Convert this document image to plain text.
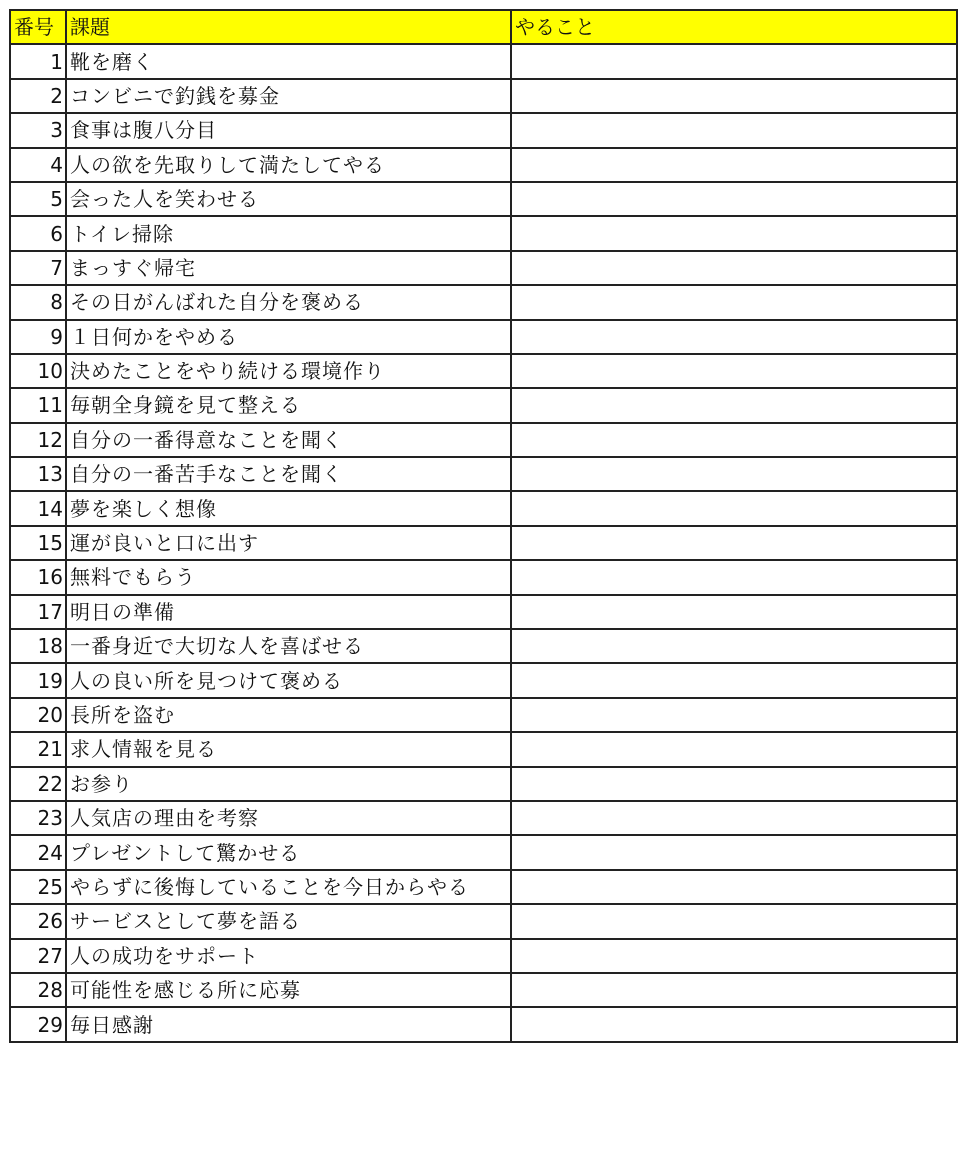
番号	課題	やること
1	靴を磨く	
2	コンビニで釣銭を募金	
3	食事は腹八分目	
4	人の欲を先取りして満たしてやる	
5	会った人を笑わせる	
6	トイレ掃除	
7	まっすぐ帰宅	
8	その日がんばれた自分を褒める	
9	１日何かをやめる	
10	決めたことをやり続ける環境作り	
11	毎朝全身鏡を見て整える	
12	自分の一番得意なことを聞く	
13	自分の一番苦手なことを聞く	
14	夢を楽しく想像	
15	運が良いと口に出す	
16	無料でもらう	
17	明日の準備	
18	一番身近で大切な人を喜ばせる	
19	人の良い所を見つけて褒める	
20	長所を盗む	
21	求人情報を見る	
22	お参り	
23	人気店の理由を考察	
24	プレゼントして驚かせる	
25	やらずに後悔していることを今日からやる	
26	サービスとして夢を語る	
27	人の成功をサポート	
28	可能性を感じる所に応募	
29	毎日感謝	
